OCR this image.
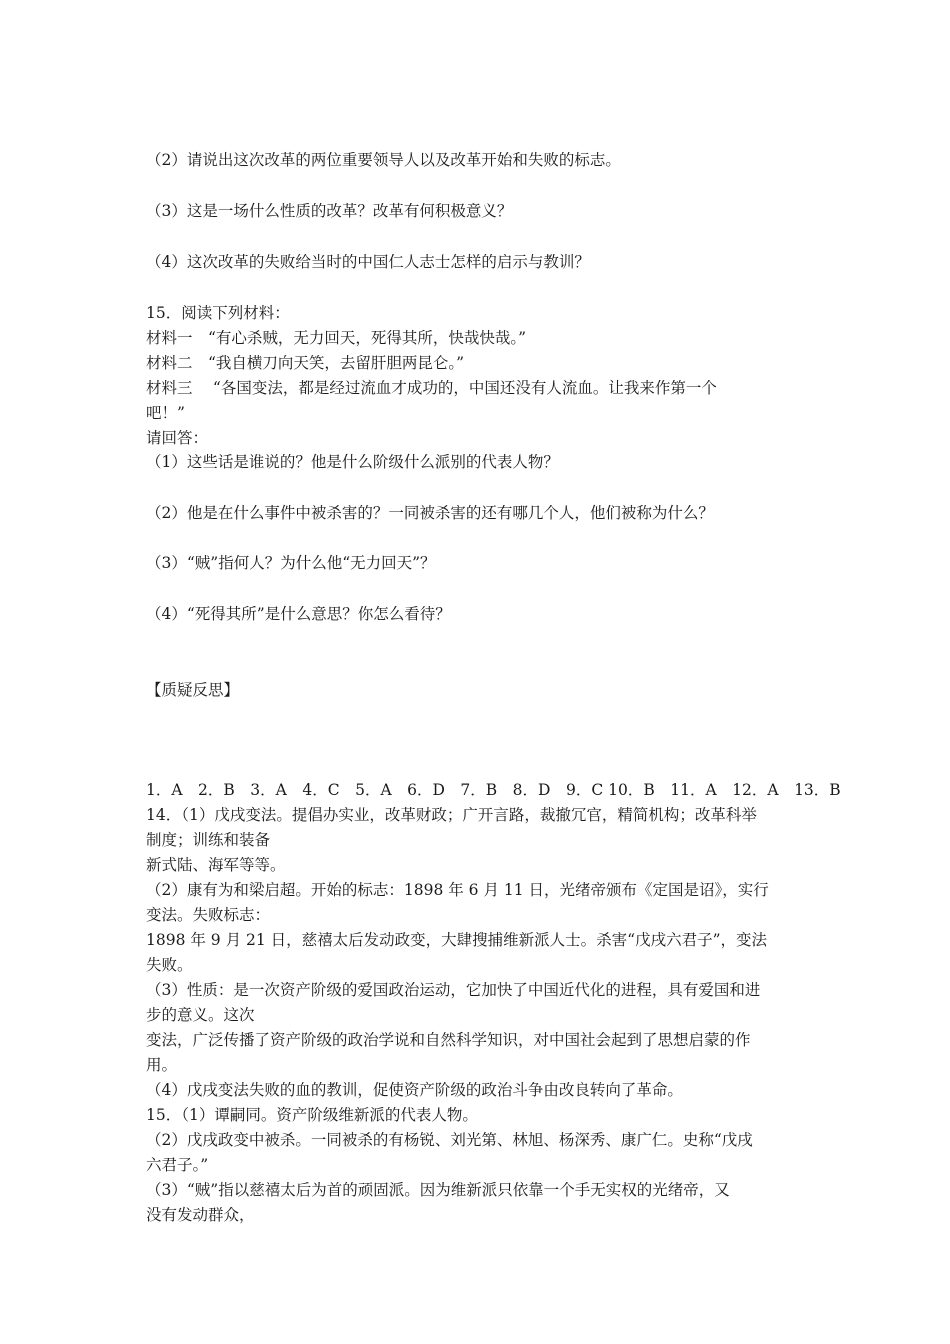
（2）请说出这次改革的两位重要领导人以及改革开始和失败的标志。
（3）这是一场什么性质的改革？改革有何积极意义？
（4）这次改革的失败给当时的中国仁人志士怎样的启示与教训？
15．阅读下列材料：
材料一　“有心杀贼，无力回天，死得其所，快哉快哉。”
材料二　“我自横刀向天笑，去留肝胆两昆仑。”
材料三　 “各国变法，都是经过流血才成功的，中国还没有人流血。让我来作第一个
吧！”
请回答：
（1）这些话是谁说的？他是什么阶级什么派别的代表人物？
（2）他是在什么事件中被杀害的？一同被杀害的还有哪几个人，他们被称为什么？
（3）“贼”指何人？为什么他“无力回天”？
（4）“死得其所”是什么意思？你怎么看待？
【质疑反思】
1．A　2．B　3．A　4．C　5．A　6．D　7．B　8．D　9．C 10．B　11．A　12．A　13．B
14．（1）戊戌变法。提倡办实业，改革财政；广开言路，裁撤冗官，精简机构；改革科举
制度；训练和装备
新式陆、海军等等。
（2）康有为和梁启超。开始的标志：1898 年 6 月 11 日，光绪帝颁布《定国是诏》，实行
变法。失败标志：
1898 年 9 月 21 日，慈禧太后发动政变，大肆搜捕维新派人士。杀害“戊戌六君子”，变法
失败。
（3）性质：是一次资产阶级的爱国政治运动，它加快了中国近代化的进程，具有爱国和进
步的意义。这次
变法，广泛传播了资产阶级的政治学说和自然科学知识，对中国社会起到了思想启蒙的作
用。
（4）戊戌变法失败的血的教训，促使资产阶级的政治斗争由改良转向了革命。
15．（1）谭嗣同。资产阶级维新派的代表人物。
（2）戊戌政变中被杀。一同被杀的有杨锐、刘光第、林旭、杨深秀、康广仁。史称“戊戌
六君子。”
（3）“贼”指以慈禧太后为首的顽固派。因为维新派只依靠一个手无实权的光绪帝，又
没有发动群众，
